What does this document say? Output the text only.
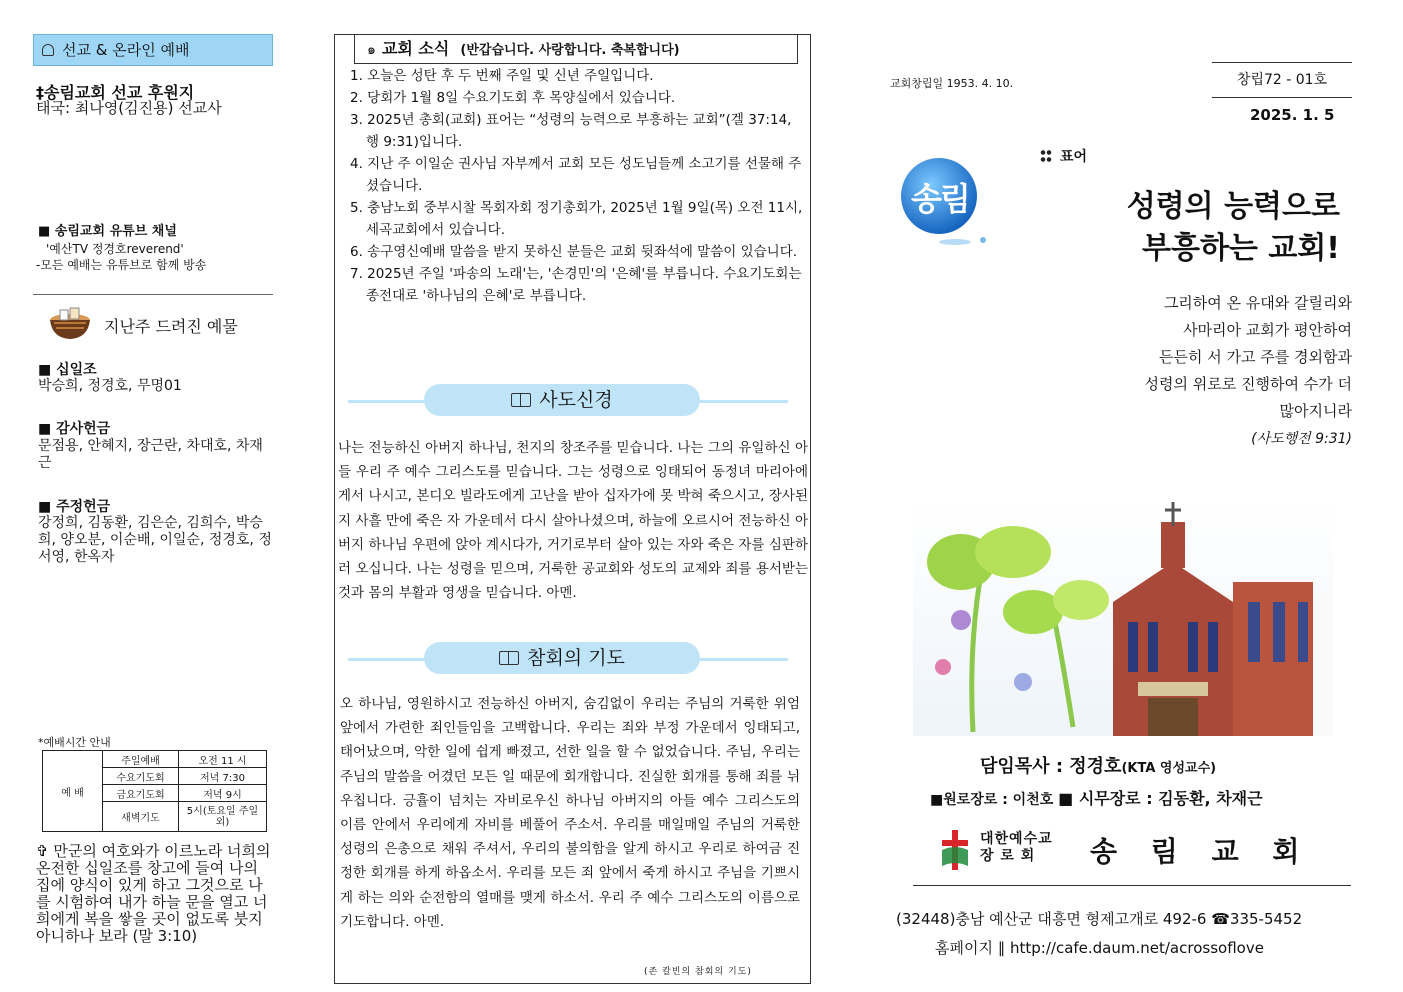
선교 & 온라인 예배
‡송림교회 선교 후원지
태국: 최나영(김진용) 선교사
■ 송림교회 유튜브 채널
'예산TV 정경호reverend'
-모든 예배는 유튜브로 함께 방송
지난주 드려진 예물
■ 십일조
박승희, 정경호, 무명01
■ 감사헌금
문점용, 안혜지, 장근란, 차대호, 차재근
■ 주정헌금
강정희, 김동환, 김은순, 김희수, 박승희, 양오분, 이순배, 이일순, 정경호, 정서영, 한옥자
*예배시간 안내
예 배	주일예배	오전 11 시
	수요기도회	저녁 7:30
	금요기도회	저녁 9시
	새벽기도	5시(토요일 주일 외)
✞ 만군의 여호와가 이르노라 너희의 온전한 십일조를 창고에 들여 나의 집에 양식이 있게 하고 그것으로 나를 시험하여 내가 하늘 문을 열고 너희에게 복을 쌓을 곳이 없도록 붓지 아니하나 보라 (말 3:10)
๑ 교회 소식 (반갑습니다. 사랑합니다. 축복합니다)
1. 오늘은 성탄 후 두 번째 주일 및 신년 주일입니다.
2. 당회가 1월 8일 수요기도회 후 목양실에서 있습니다.
3. 2025년 총회(교회) 표어는 “성령의 능력으로 부흥하는 교회”(겔 37:14, 행 9:31)입니다.
4. 지난 주 이일순 권사님 자부께서 교회 모든 성도님들께 소고기를 선물해 주셨습니다.
5. 충남노회 중부시찰 목회자회 정기총회가, 2025년 1월 9일(목) 오전 11시, 세곡교회에서 있습니다.
6. 송구영신예배 말씀을 받지 못하신 분들은 교회 뒷좌석에 말씀이 있습니다.
7. 2025년 주일 '파송의 노래'는, '손경민'의 '은혜'를 부릅니다. 수요기도회는 종전대로 '하나님의 은혜'로 부릅니다.
사도신경
나는 전능하신 아버지 하나님, 천지의 창조주를 믿습니다. 나는 그의 유일하신 아들 우리 주 예수 그리스도를 믿습니다. 그는 성령으로 잉태되어 동정녀 마리아에게서 나시고, 본디오 빌라도에게 고난을 받아 십자가에 못 박혀 죽으시고, 장사된 지 사흘 만에 죽은 자 가운데서 다시 살아나셨으며, 하늘에 오르시어 전능하신 아버지 하나님 우편에 앉아 계시다가, 거기로부터 살아 있는 자와 죽은 자를 심판하러 오십니다. 나는 성령을 믿으며, 거룩한 공교회와 성도의 교제와 죄를 용서받는 것과 몸의 부활과 영생을 믿습니다. 아멘.
참회의 기도
오 하나님, 영원하시고 전능하신 아버지, 숨김없이 우리는 주님의 거룩한 위엄 앞에서 가련한 죄인들임을 고백합니다. 우리는 죄와 부정 가운데서 잉태되고, 태어났으며, 악한 일에 쉽게 빠졌고, 선한 일을 할 수 없었습니다. 주님, 우리는 주님의 말씀을 어겼던 모든 일 때문에 회개합니다. 진실한 회개를 통해 죄를 뉘우칩니다. 긍휼이 넘치는 자비로우신 하나님 아버지의 아들 예수 그리스도의 이름 안에서 우리에게 자비를 베풀어 주소서. 우리를 매일매일 주님의 거룩한 성령의 은총으로 채워 주셔서, 우리의 불의함을 알게 하시고 우리로 하여금 진정한 회개를 하게 하옵소서. 우리를 모든 죄 앞에서 죽게 하시고 주님을 기쁘시게 하는 의와 순전함의 열매를 맺게 하소서. 우리 주 예수 그리스도의 이름으로 기도합니다. 아멘.
(존 칼빈의 참회의 기도)
교회창립일 1953. 4. 10.	창립72 - 01호
2025. 1. 5
표어
송림	성령의 능력으로
부흥하는 교회!
그리하여 온 유대와 갈릴리와
사마리아 교회가 평안하여
든든히 서 가고 주를 경외함과
성령의 위로로 진행하여 수가 더
많아지니라
(사도행전 9:31)
담임목사 : 정경호(KTA 영성교수)
■원로장로 : 이천호 ■ 시무장로 : 김동환, 차재근
대한예수교
장 로 회	송 림 교 회
(32448)충남 예산군 대흥면 형제고개로 492-6 ☎335-5452
홈페이지 ∥ http://cafe.daum.net/acrossoflove
